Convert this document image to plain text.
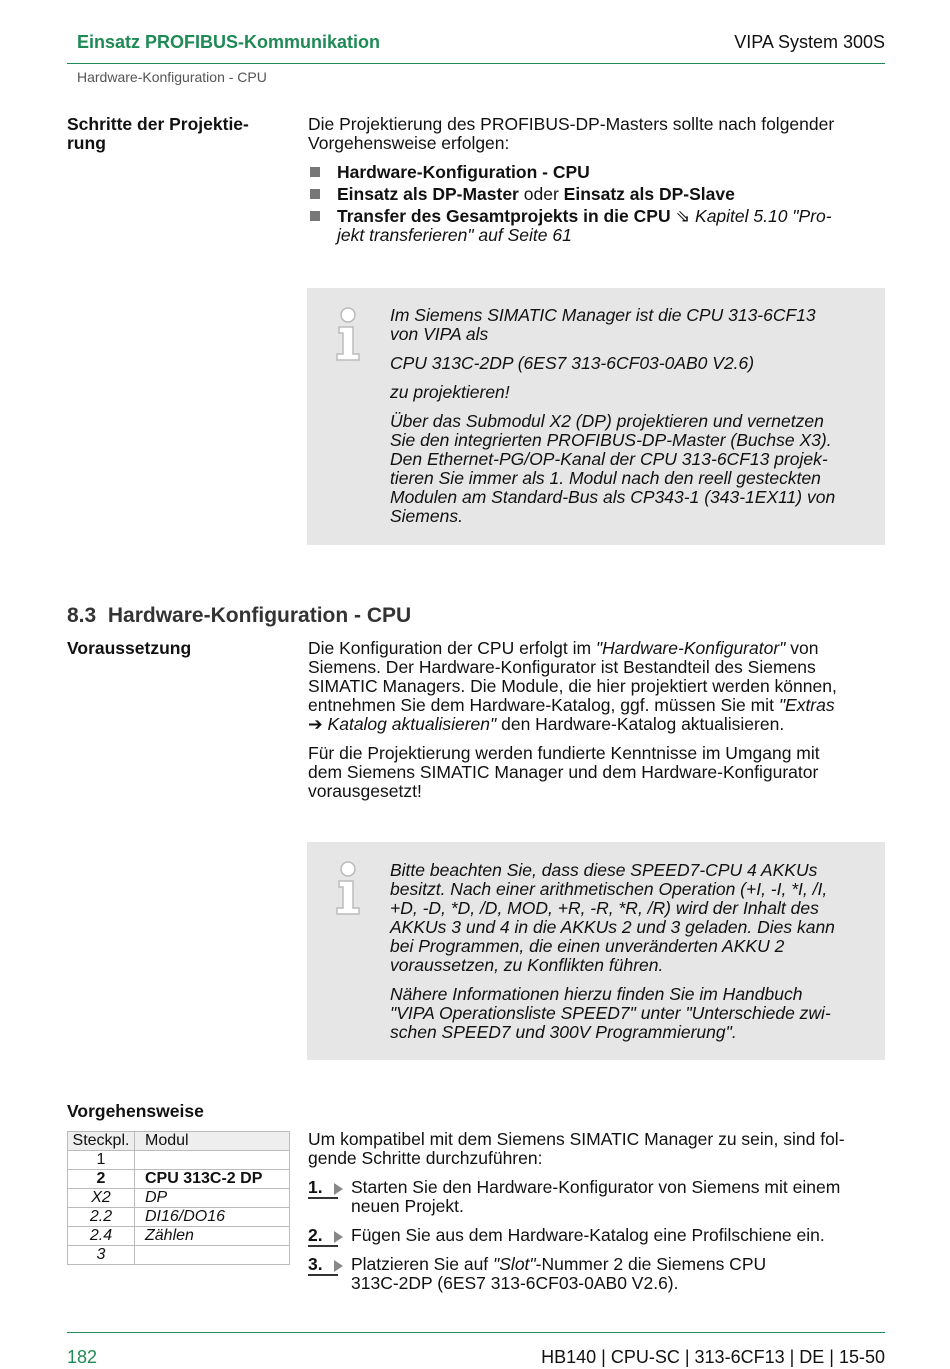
Einsatz PROFIBUS-Kommunikation	VIPA System 300S
Hardware-Konfiguration - CPU
Schritte der Projektie-
rung

Die Projektierung des PROFIBUS-DP-Masters sollte nach folgender
Vorgehensweise erfolgen:

Hardware-Konfiguration - CPU
Einsatz als DP-Master oder Einsatz als DP-Slave
Transfer des Gesamtprojekts in die CPU ⇘ Kapitel 5.10 "Pro-
jekt transferieren" auf Seite 61

Im Siemens SIMATIC Manager ist die CPU 313-6CF13
von VIPA als

CPU 313C-2DP (6ES7 313-6CF03-0AB0 V2.6)

zu projektieren!

Über das Submodul X2 (DP) projektieren und vernetzen
Sie den integrierten PROFIBUS-DP-Master (Buchse X3).
Den Ethernet-PG/OP-Kanal der CPU 313-6CF13 projek-
tieren Sie immer als 1. Modul nach den reell gesteckten
Modulen am Standard-Bus als CP343-1 (343-1EX11) von
Siemens.

8.3 Hardware-Konfiguration - CPU
Voraussetzung	Die Konfiguration der CPU erfolgt im "Hardware-Konfigurator" von
Siemens. Der Hardware-Konfigurator ist Bestandteil des Siemens
SIMATIC Managers. Die Module, die hier projektiert werden können,
entnehmen Sie dem Hardware-Katalog, ggf. müssen Sie mit "Extras
➔ Katalog aktualisieren" den Hardware-Katalog aktualisieren.

Für die Projektierung werden fundierte Kenntnisse im Umgang mit
dem Siemens SIMATIC Manager und dem Hardware-Konfigurator
vorausgesetzt!

Bitte beachten Sie, dass diese SPEED7-CPU 4 AKKUs
besitzt. Nach einer arithmetischen Operation (+I, -I, *I, /I,
+D, -D, *D, /D, MOD, +R, -R, *R, /R) wird der Inhalt des
AKKUs 3 und 4 in die AKKUs 2 und 3 geladen. Dies kann
bei Programmen, die einen unveränderten AKKU 2
voraussetzen, zu Konflikten führen.

Nähere Informationen hierzu finden Sie im Handbuch
"VIPA Operationsliste SPEED7" unter "Unterschiede zwi-
schen SPEED7 und 300V Programmierung".

Vorgehensweise
Steckpl.	Modul
1	
2	CPU 313C-2 DP
X2	DP
2.2	DI16/DO16
2.4	Zählen
3	

Um kompatibel mit dem Siemens SIMATIC Manager zu sein, sind fol-
gende Schritte durchzuführen:

1. Starten Sie den Hardware-Konfigurator von Siemens mit einem
neuen Projekt.
2. Fügen Sie aus dem Hardware-Katalog eine Profilschiene ein.
3. Platzieren Sie auf "Slot"-Nummer 2 die Siemens CPU
313C-2DP (6ES7 313-6CF03-0AB0 V2.6).
182	HB140 | CPU-SC | 313-6CF13 | DE | 15-50
